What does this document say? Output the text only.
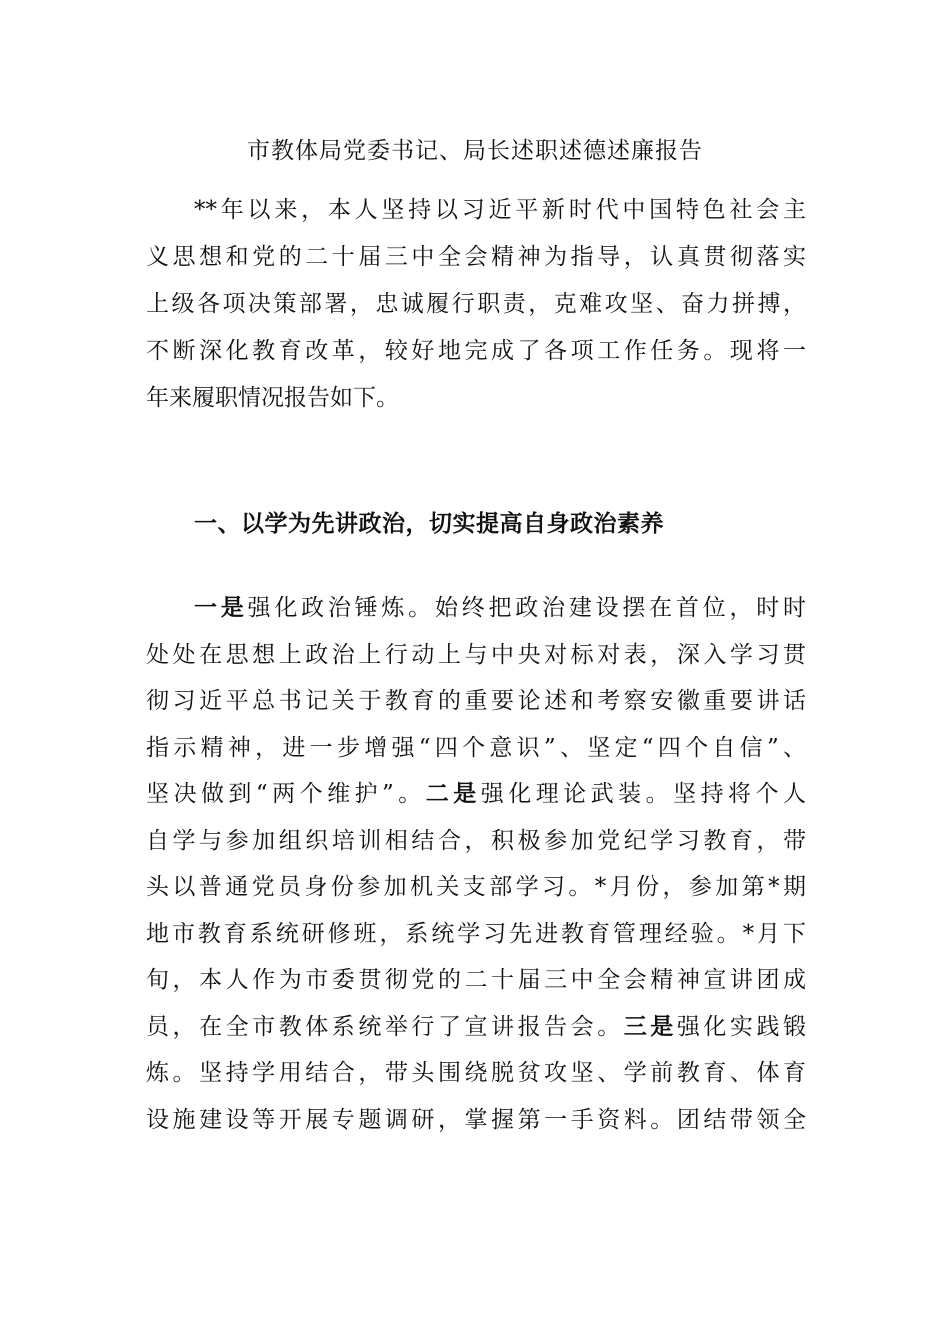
市教体局党委书记、局长述职述德述廉报告
**年以来，本人坚持以习近平新时代中国特色社会主
义思想和党的二十届三中全会精神为指导，认真贯彻落实
上级各项决策部署，忠诚履行职责，克难攻坚、奋力拼搏，
不断深化教育改革，较好地完成了各项工作任务。现将一
年来履职情况报告如下。
一、以学为先讲政治，切实提高自身政治素养
一是强化政治锤炼。始终把政治建设摆在首位，时时
处处在思想上政治上行动上与中央对标对表，深入学习贯
彻习近平总书记关于教育的重要论述和考察安徽重要讲话
指示精神，进一步增强“四个意识”、坚定“四个自信”、
坚决做到“两个维护”。二是强化理论武装。坚持将个人
自学与参加组织培训相结合，积极参加党纪学习教育，带
头以普通党员身份参加机关支部学习。*月份，参加第*期
地市教育系统研修班，系统学习先进教育管理经验。*月下
旬，本人作为市委贯彻党的二十届三中全会精神宣讲团成
员，在全市教体系统举行了宣讲报告会。三是强化实践锻
炼。坚持学用结合，带头围绕脱贫攻坚、学前教育、体育
设施建设等开展专题调研，掌握第一手资料。团结带领全
